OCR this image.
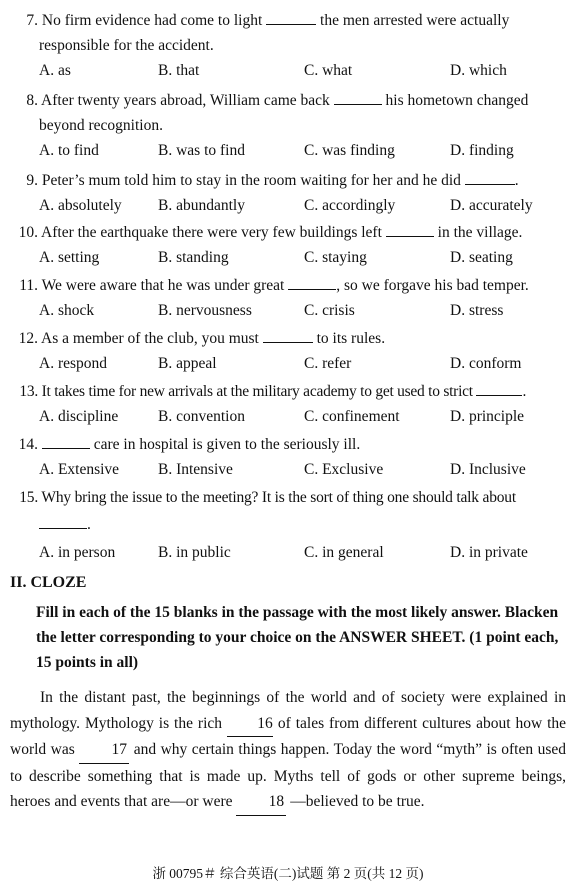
7. No firm evidence had come to light	the men arrested were actually
responsible for the accident.
A. as	B. that	C. what	D. which
8. After twenty years abroad, William came back	his hometown changed
beyond recognition.
A. to find	B. was to find	C. was finding	D. finding
9. Peter’s mum told him to stay in the room waiting for her and he did	.
A. absolutely B. abundantly	C. accordingly	D. accurately
10. After the earthquake there were very few buildings left	in the village.
A. setting	B. standing	C. staying	D. seating
11. We were aware that he was under great	, so we forgave his bad temper.
A. shock	B. nervousness	C. crisis	D. stress
12. As a member of the club, you must	to its rules.
A. respond	B. appeal	C. refer	D. conform
13. It takes time for new arrivals at the military academy to get used to strict	.
A. discipline	B. convention	C. confinement	D. principle
14.	care in hospital is given to the seriously ill.
A. Extensive	B. Intensive	C. Exclusive	D. Inclusive
15. Why bring the issue to the meeting? It is the sort of thing one should talk about
.
A. in person	B. in public	C. in general	D. in private
II. CLOZE
Fill in each of the 15 blanks in the passage with the most likely answer. Blacken the letter corresponding to your choice on the ANSWER SHEET. (1 point each, 15 points in all)

In the distant past, the beginnings of the world and of society were explained in mythology. Mythology is the rich 16 of tales from different cultures about how the world was 17 and why certain things happen. Today the word “myth” is often used to describe something that is made up. Myths tell of gods or other supreme beings, heroes and events that are—or were 18 —believed to be true.

浙 00795＃ 综合英语(二)试题 第 2 页(共 12 页)
